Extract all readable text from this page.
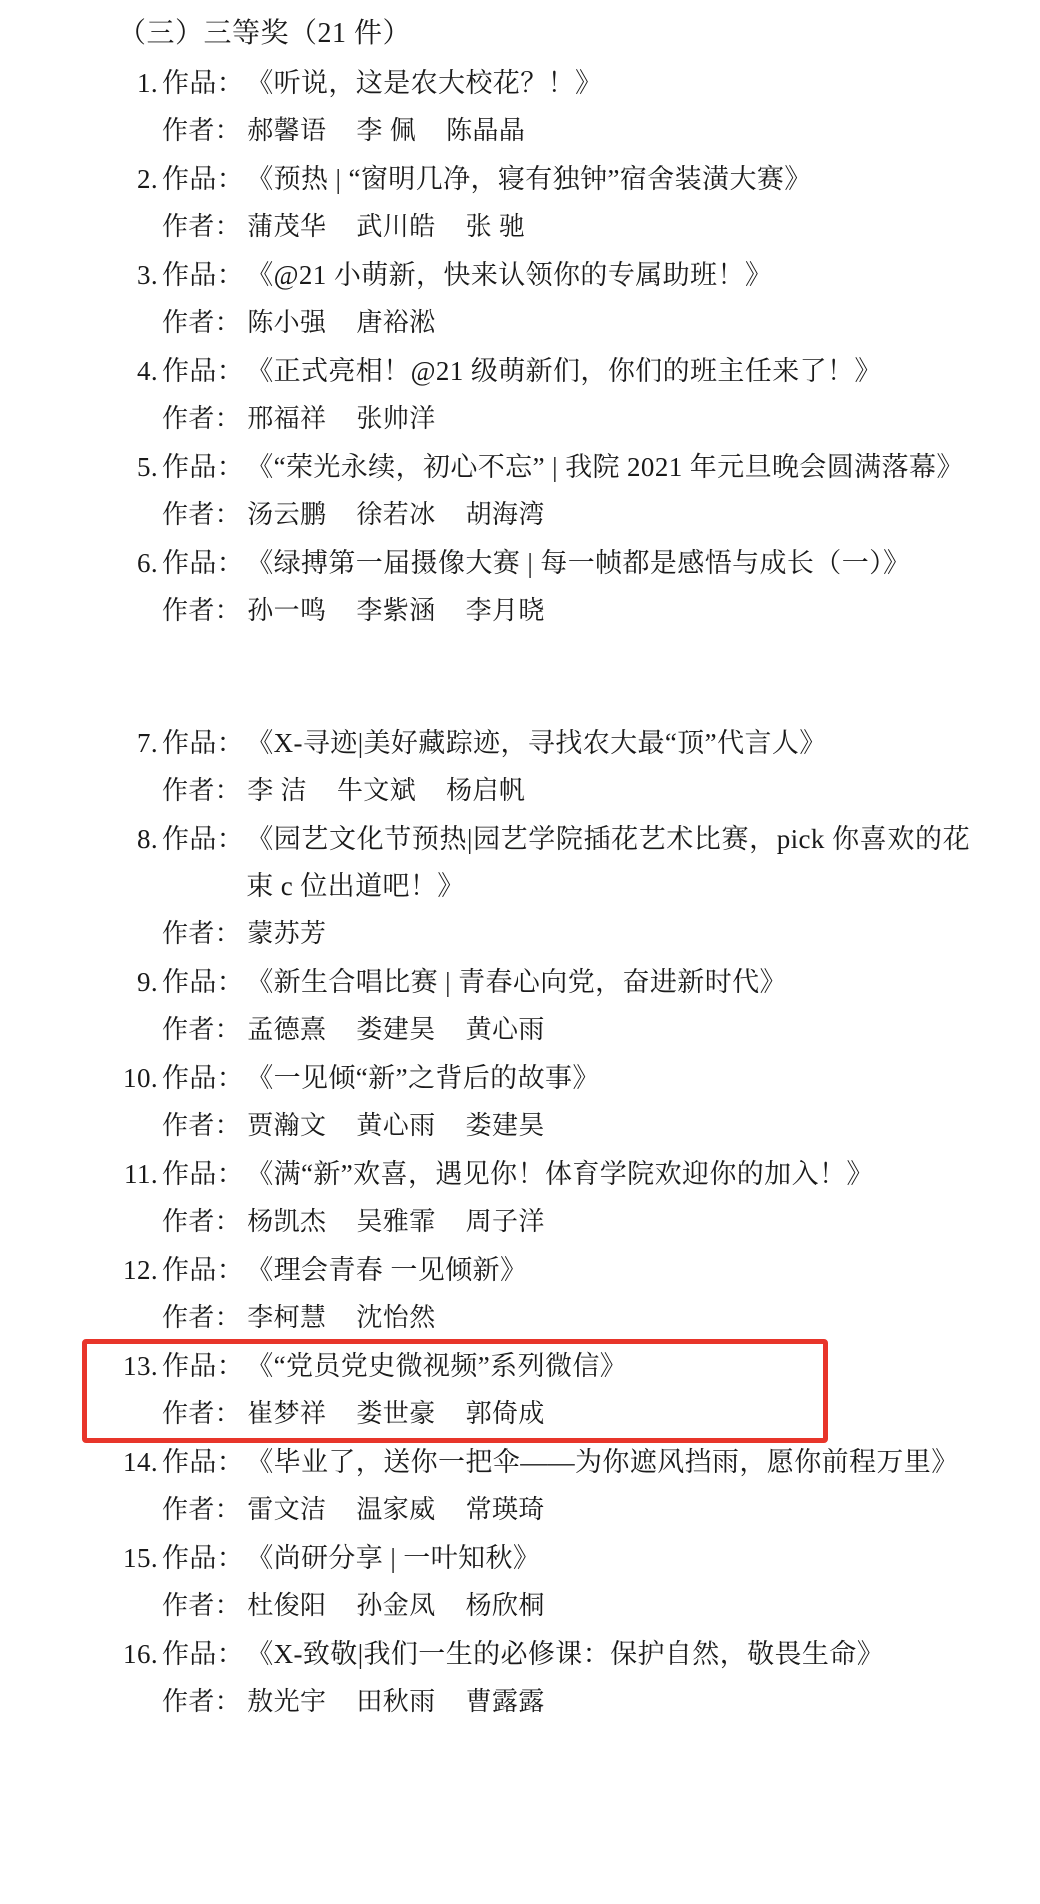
（三）三等奖（21 件）
1. 作品： 《听说，这是农大校花？！》
作者： 郝馨语 李 佩 陈晶晶
2. 作品： 《预热 | “窗明几净，寝有独钟”宿舍装潢大赛》
作者： 蒲茂华 武川皓 张 驰
3. 作品： 《@21 小萌新，快来认领你的专属助班！》
作者： 陈小强 唐裕淞
4. 作品： 《正式亮相！@21 级萌新们，你们的班主任来了！》
作者： 邢福祥 张帅洋
5. 作品： 《“荣光永续，初心不忘” | 我院 2021 年元旦晚会圆满落幕》
作者： 汤云鹏 徐若冰 胡海湾
6. 作品： 《绿搏第一届摄像大赛 | 每一帧都是感悟与成长（一）》
作者： 孙一鸣 李紫涵 李月晓
7. 作品： 《X-寻迹|美好藏踪迹，寻找农大最“顶”代言人》
作者： 李 洁 牛文斌 杨启帆
8. 作品： 《园艺文化节预热|园艺学院插花艺术比赛，pick 你喜欢的花束 c 位出道吧！》
作者： 蒙苏芳
9. 作品： 《新生合唱比赛 | 青春心向党，奋进新时代》
作者： 孟德熹 娄建昊 黄心雨
10. 作品： 《一见倾“新”之背后的故事》
作者： 贾瀚文 黄心雨 娄建昊
11. 作品： 《满“新”欢喜，遇见你！体育学院欢迎你的加入！》
作者： 杨凯杰 吴雅霏 周子洋
12. 作品： 《理会青春 一见倾新》
作者： 李柯慧 沈怡然
13. 作品： 《“党员党史微视频”系列微信》
作者： 崔梦祥 娄世豪 郭倚成
14. 作品： 《毕业了，送你一把伞——为你遮风挡雨，愿你前程万里》
作者： 雷文洁 温家威 常瑛琦
15. 作品： 《尚研分享 | 一叶知秋》
作者： 杜俊阳 孙金凤 杨欣桐
16. 作品： 《X-致敬|我们一生的必修课：保护自然，敬畏生命》
作者： 敖光宇 田秋雨 曹露露
